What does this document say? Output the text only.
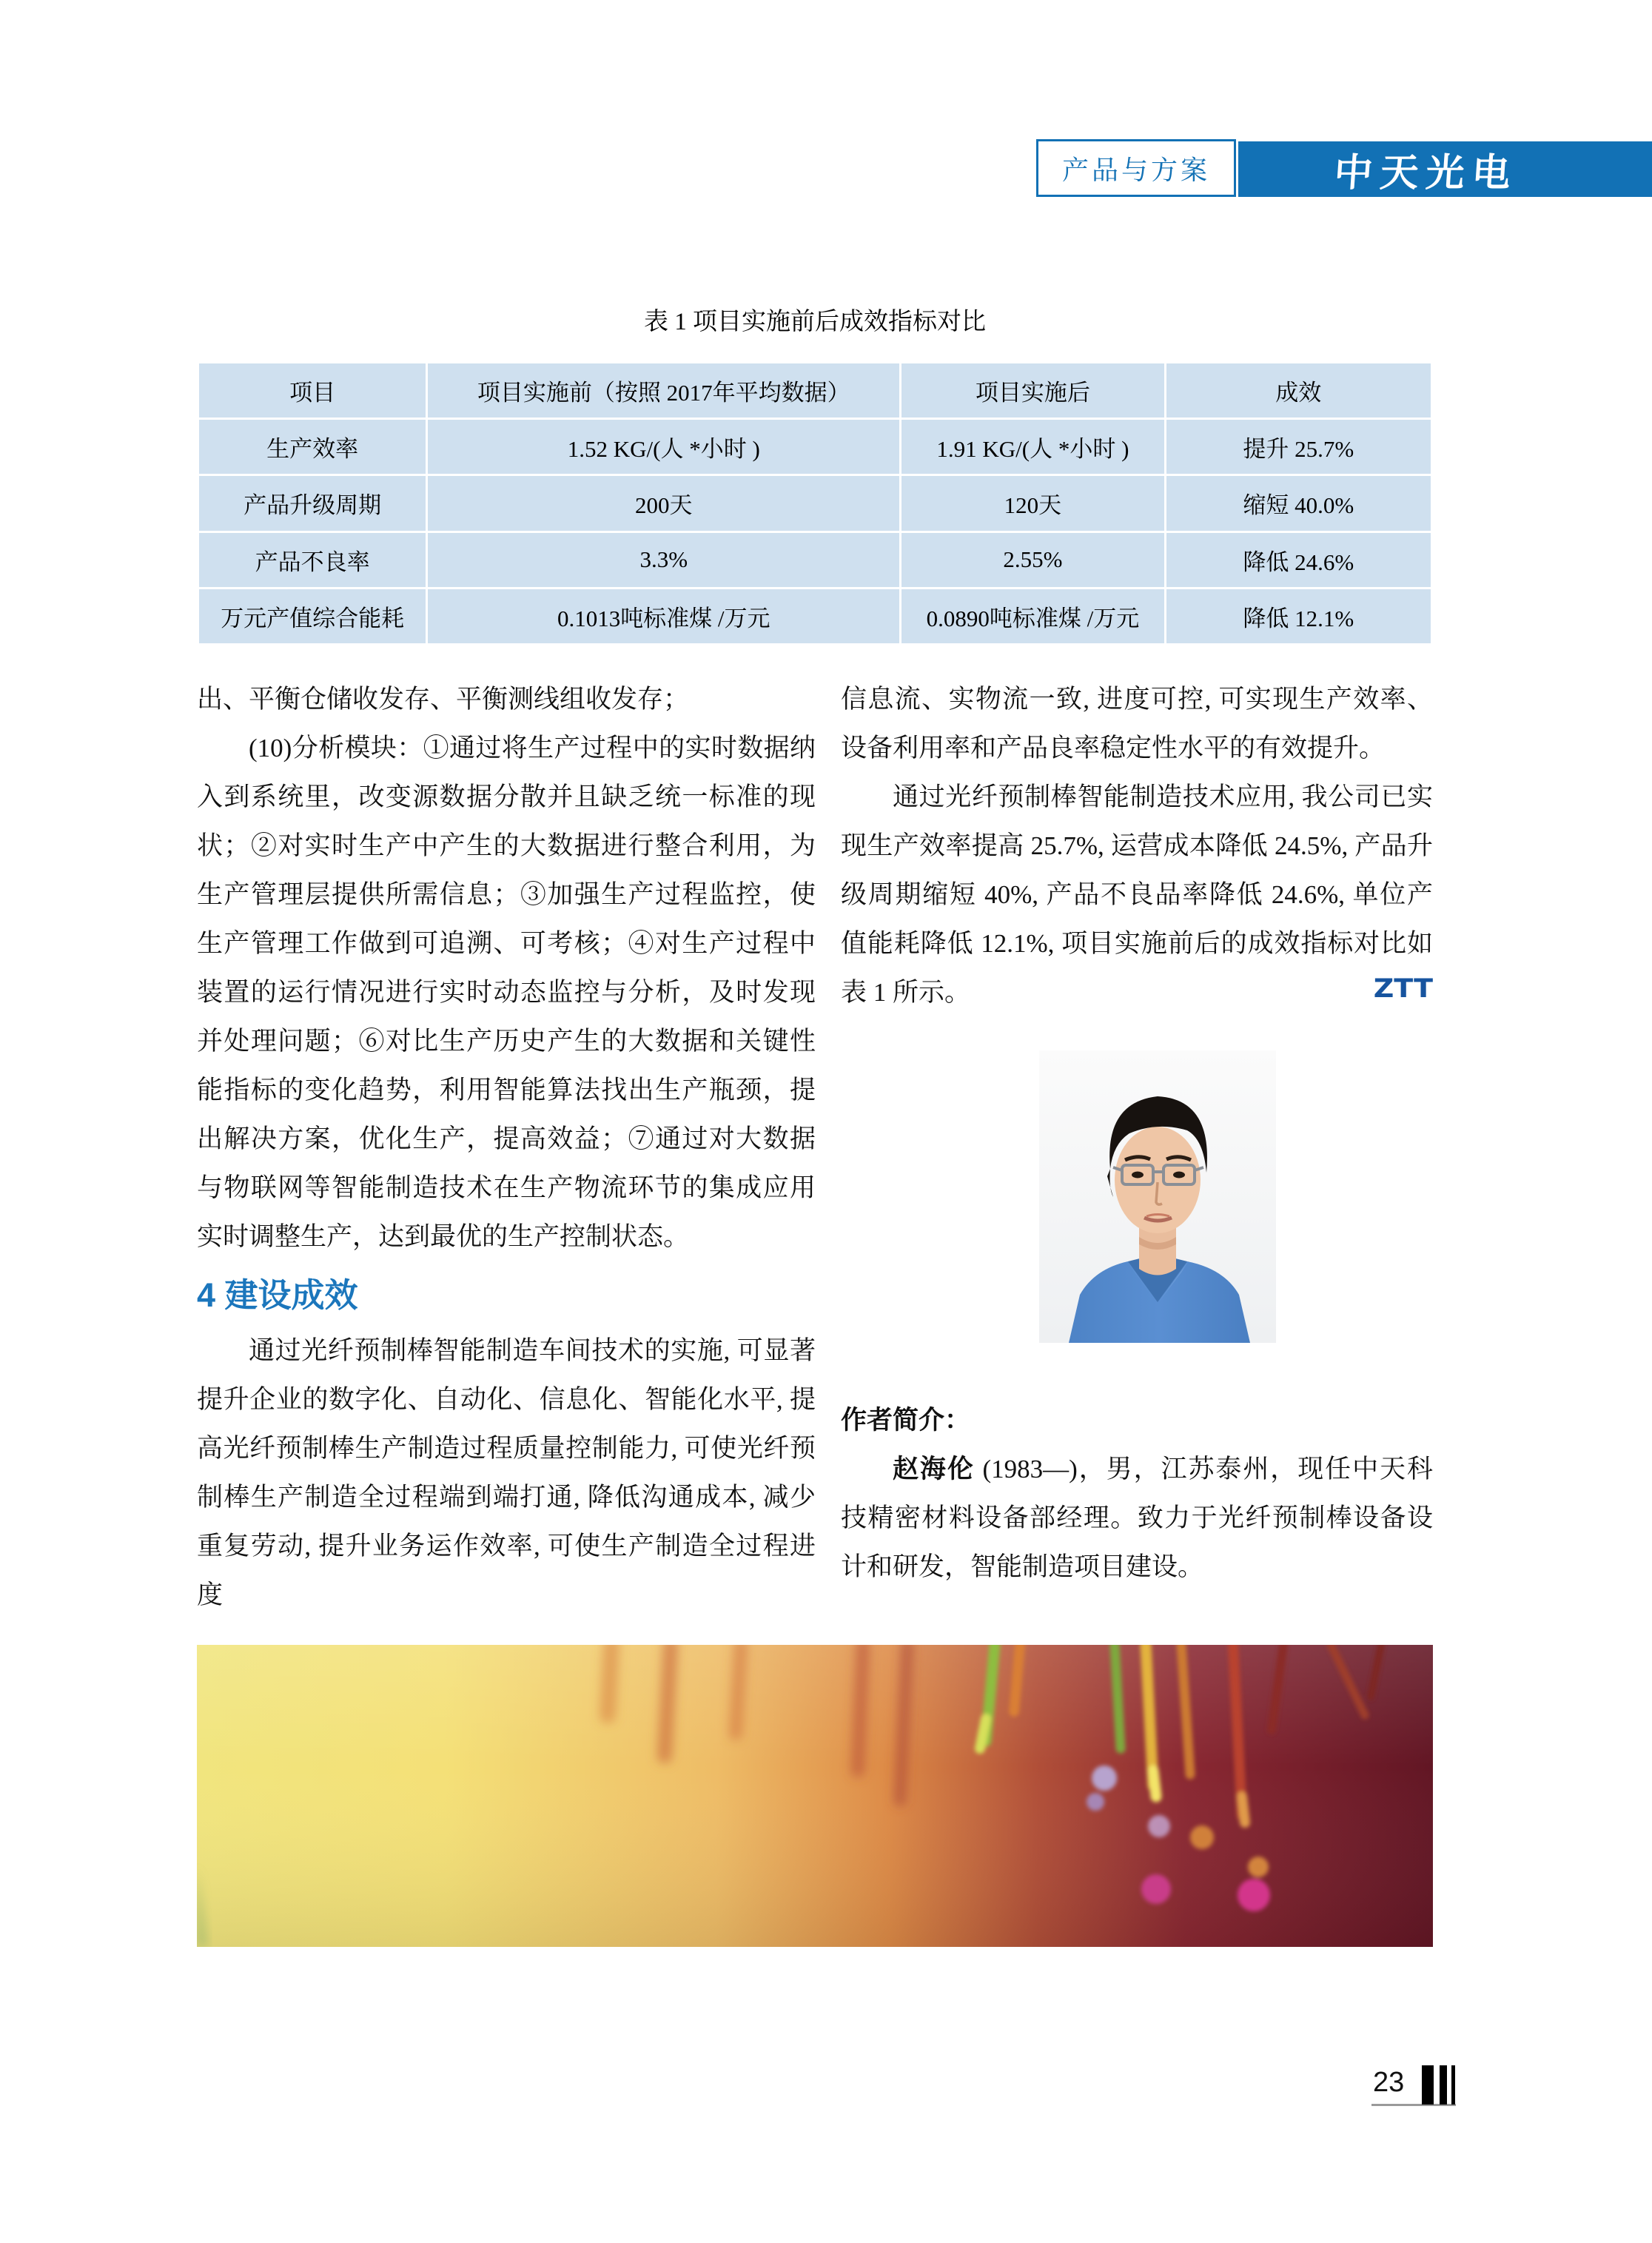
产品与方案	中天光电
表 1 项目实施前后成效指标对比
项目	项目实施前（按照 2017年平均数据）	项目实施后	成效
生产效率	1.52 KG/(人 *小时 )	1.91 KG/(人 *小时 )	提升 25.7%
产品升级周期	200天	120天	缩短 40.0%
产品不良率	3.3%	2.55%	降低 24.6%
万元产值综合能耗	0.1013吨标准煤 /万元	0.0890吨标准煤 /万元	降低 12.1%

出、平衡仓储收发存、平衡测线组收发存；

(10)分析模块：①通过将生产过程中的实时数据纳入到系统里，改变源数据分散并且缺乏统一标准的现状；②对实时生产中产生的大数据进行整合利用，为生产管理层提供所需信息；③加强生产过程监控，使生产管理工作做到可追溯、可考核；④对生产过程中装置的运行情况进行实时动态监控与分析，及时发现并处理问题；⑥对比生产历史产生的大数据和关键性能指标的变化趋势，利用智能算法找出生产瓶颈，提出解决方案，优化生产，提高效益；⑦通过对大数据与物联网等智能制造技术在生产物流环节的集成应用实时调整生产，达到最优的生产控制状态。

4 建设成效

通过光纤预制棒智能制造车间技术的实施, 可显著提升企业的数字化、自动化、信息化、智能化水平, 提高光纤预制棒生产制造过程质量控制能力, 可使光纤预制棒生产制造全过程端到端打通, 降低沟通成本, 减少重复劳动, 提升业务运作效率, 可使生产制造全过程进度

信息流、实物流一致, 进度可控, 可实现生产效率、设备利用率和产品良率稳定性水平的有效提升。

通过光纤预制棒智能制造技术应用, 我公司已实现生产效率提高 25.7%, 运营成本降低 24.5%, 产品升级周期缩短 40%, 产品不良品率降低 24.6%, 单位产值能耗降低 12.1%, 项目实施前后的成效指标对比如表 1 所示。	ZTT

作者简介：

赵海伦 (1983—)，男，江苏泰州，现任中天科技精密材料设备部经理。致力于光纤预制棒设备设计和研发，智能制造项目建设。

23
